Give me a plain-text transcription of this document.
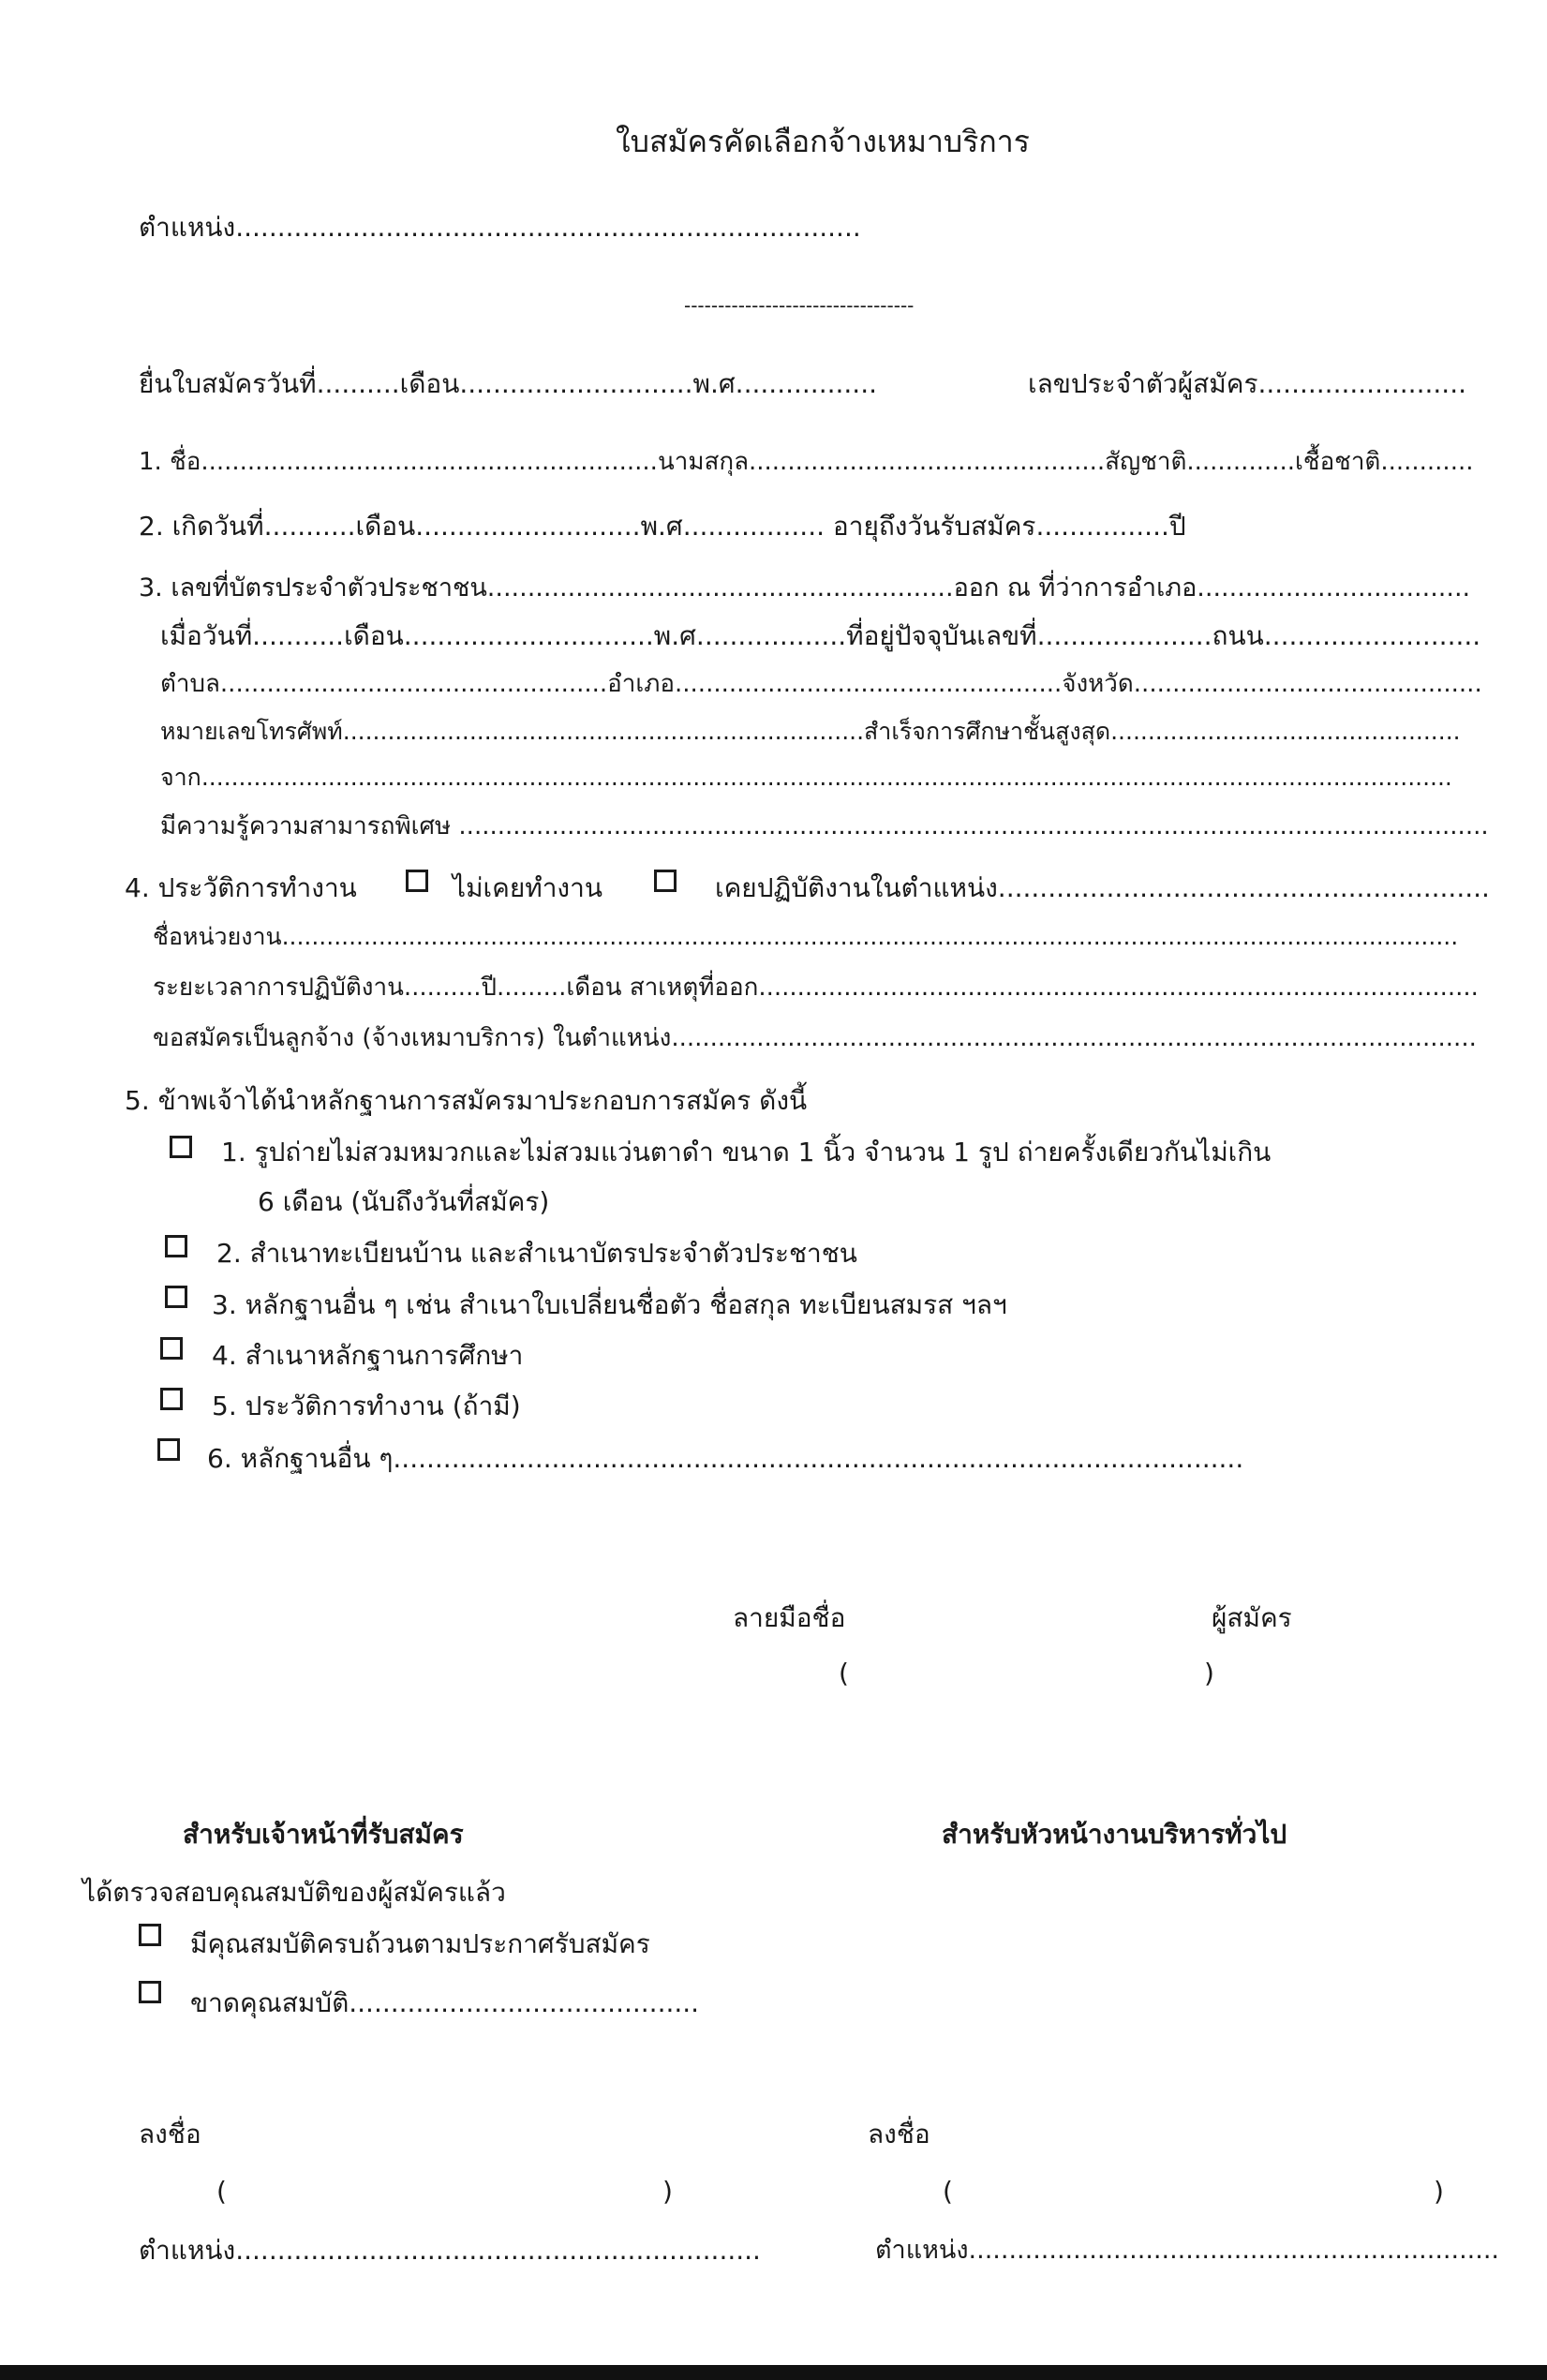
ใบสมัครคัดเลือกจ้างเหมาบริการ
ตำแหน่ง...........................................................................
----------------------------------
ยื่นใบสมัครวันที่..........เดือน............................พ.ศ.................	เลขประจำตัวผู้สมัคร.........................
1. ชื่อ...........................................................นามสกุล..............................................สัญชาติ..............เชื้อชาติ............
2. เกิดวันที่...........เดือน...........................พ.ศ................. อายุถึงวันรับสมัคร................ปี
3. เลขที่บัตรประจำตัวประชาชน..........................................................ออก ณ ที่ว่าการอำเภอ..................................
เมื่อวันที่...........เดือน..............................พ.ศ..................ที่อยู่ปัจจุบันเลขที่.....................ถนน..........................
ตำบล..................................................อำเภอ..................................................จังหวัด.............................................
หมายเลขโทรศัพท์......................................................................สำเร็จการศึกษาชั้นสูงสุด...............................................
จาก........................................................................................................................................................................
มีความรู้ความสามารถพิเศษ .....................................................................................................................................
4. ประวัติการทำงาน	ไม่เคยทำงาน	เคยปฏิบัติงานในตำแหน่ง...........................................................
ชื่อหน่วยงาน..............................................................................................................................................................
ระยะเวลาการปฏิบัติงาน..........ปี.........เดือน สาเหตุที่ออก.............................................................................................
ขอสมัครเป็นลูกจ้าง (จ้างเหมาบริการ) ในตำแหน่ง........................................................................................................
5. ข้าพเจ้าได้นำหลักฐานการสมัครมาประกอบการสมัคร ดังนี้
1. รูปถ่ายไม่สวมหมวกและไม่สวมแว่นตาดำ ขนาด 1 นิ้ว จำนวน 1 รูป ถ่ายครั้งเดียวกันไม่เกิน
6 เดือน (นับถึงวันที่สมัคร)
2. สำเนาทะเบียนบ้าน และสำเนาบัตรประจำตัวประชาชน
3. หลักฐานอื่น ๆ เช่น สำเนาใบเปลี่ยนชื่อตัว ชื่อสกุล ทะเบียนสมรส ฯลฯ
4. สำเนาหลักฐานการศึกษา
5. ประวัติการทำงาน (ถ้ามี)
6. หลักฐานอื่น ๆ......................................................................................................
ลายมือชื่อ	ผู้สมัคร
(	)
สำหรับเจ้าหน้าที่รับสมัคร
ได้ตรวจสอบคุณสมบัติของผู้สมัครแล้ว
มีคุณสมบัติครบถ้วนตามประกาศรับสมัคร
ขาดคุณสมบัติ..........................................
ลงชื่อ
(	)
ตำแหน่ง...............................................................
สำหรับหัวหน้างานบริหารทั่วไป
ลงชื่อ
(	)
ตำแหน่ง..................................................................
